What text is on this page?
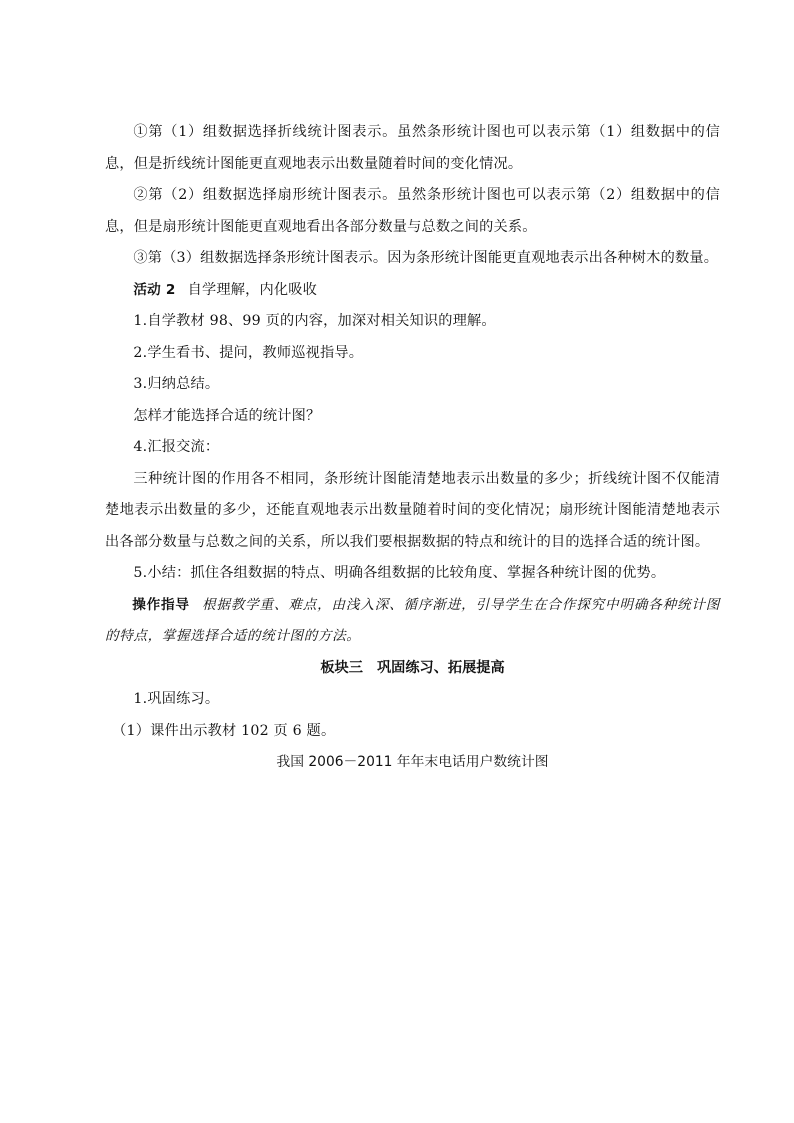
①第（1）组数据选择折线统计图表示。虽然条形统计图也可以表示第（1）组数据中的信息，但是折线统计图能更直观地表示出数量随着时间的变化情况。

②第（2）组数据选择扇形统计图表示。虽然条形统计图也可以表示第（2）组数据中的信息，但是扇形统计图能更直观地看出各部分数量与总数之间的关系。

③第（3）组数据选择条形统计图表示。因为条形统计图能更直观地表示出各种树木的数量。

活动 2 自学理解，内化吸收

1.自学教材 98、99 页的内容，加深对相关知识的理解。

2.学生看书、提问，教师巡视指导。

3.归纳总结。

怎样才能选择合适的统计图？

4.汇报交流：

三种统计图的作用各不相同，条形统计图能清楚地表示出数量的多少；折线统计图不仅能清楚地表示出数量的多少，还能直观地表示出数量随着时间的变化情况；扇形统计图能清楚地表示出各部分数量与总数之间的关系，所以我们要根据数据的特点和统计的目的选择合适的统计图。

5.小结：抓住各组数据的特点、明确各组数据的比较角度、掌握各种统计图的优势。

操作指导 根据教学重、难点，由浅入深、循序渐进，引导学生在合作探究中明确各种统计图的特点，掌握选择合适的统计图的方法。

板块三 巩固练习、拓展提高

1.巩固练习。

（1）课件出示教材 102 页 6 题。

我国 2006－2011 年年末电话用户数统计图
